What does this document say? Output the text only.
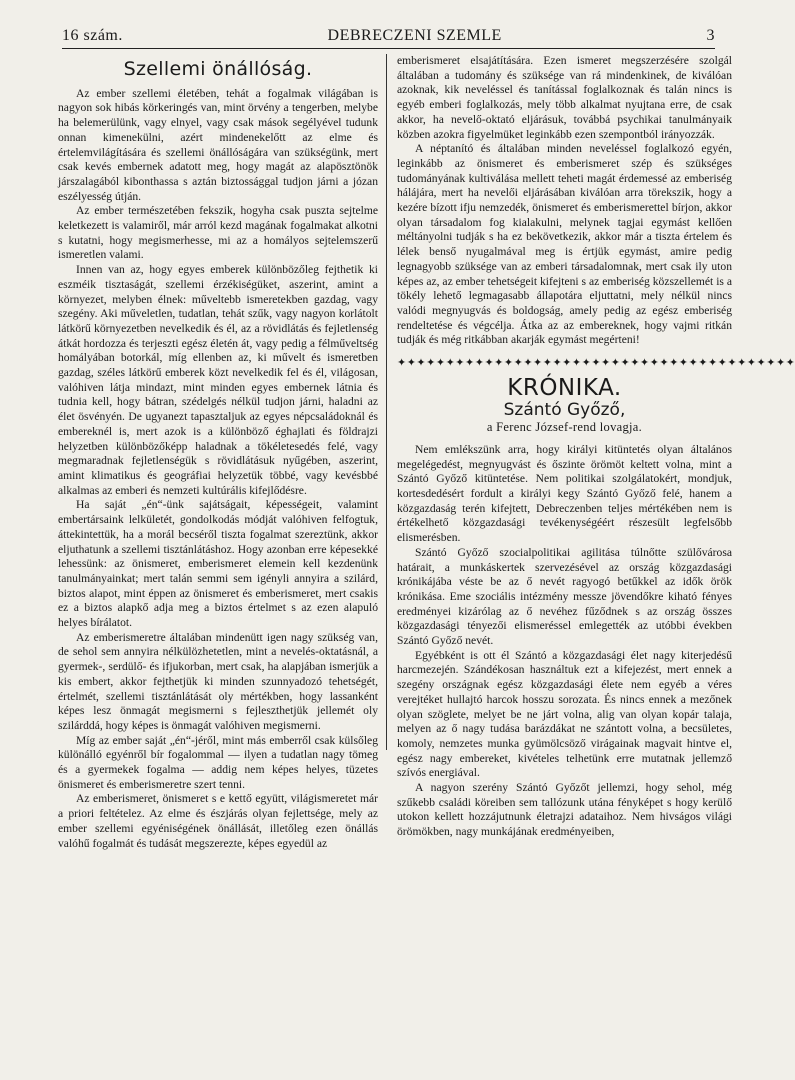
16 szám.	DEBRECZENI SZEMLE	3
Szellemi önállóság.

Az ember szellemi életében, tehát a fogalmak világában is nagyon sok hibás körkeringés van, mint örvény a tengerben, melybe ha belemerülünk, vagy elnyel, vagy csak mások segélyével tudunk onnan kimenekülni, azért mindenekelőtt az elme és értelemvilágítására és szellemi önállóságára van szükségünk, mert csak kevés embernek adatott meg, hogy magát az alapösztönök járszalagából kibonthassa s aztán biztossággal tudjon járni a józan eszélyesség útján.

Az ember természetében fekszik, hogyha csak puszta sejtelme keletkezett is valamiről, már arról kezd magának fogalmakat alkotni s kutatni, hogy megismerhesse, mi az a homályos sejtelemszerű ismeretlen valami.

Innen van az, hogy egyes emberek különbözőleg fejthetik ki eszméik tisztaságát, szellemi érzékiségüket, aszerint, amint a környezet, melyben élnek: műveltebb ismeretekben gazdag, vagy szegény. Aki műveletlen, tudatlan, tehát szűk, vagy nagyon korlátolt látkörű környezetben nevelkedik és él, az a rövidlátás és fejletlenség átkát hordozza és terjeszti egész életén át, vagy pedig a félműveltség homályában botorkál, míg ellenben az, ki művelt és ismeretben gazdag, széles látkörű emberek közt nevelkedik fel és él, világosan, valóhiven látja mindazt, mint minden egyes embernek látnia és tudnia kell, hogy bátran, szédelgés nélkül tudjon járni, haladni az élet ösvényén. De ugyanezt tapasztaljuk az egyes népcsaládoknál és embereknél is, mert azok is a különböző éghajlati és földrajzi helyzetben különbözőképp haladnak a tökéletesedés felé, vagy megmaradnak fejletlenségük s rövidlátásuk nyűgében, aszerint, amint klimatikus és geográfiai helyzetük többé, vagy kevésbbé alkalmas az emberi és nemzeti kultúrális kifejlődésre.

Ha saját „én“-ünk sajátságait, képességeit, valamint embertársaink lelkületét, gondolkodás módját valóhiven felfogtuk, áttekintettük, ha a morál becséről tiszta fogalmat szereztünk, akkor eljuthatunk a szellemi tisztánlátáshoz. Hogy azonban erre képesekké lehessünk: az önismeret, emberismeret elemein kell kezdenünk tanulmányainkat; mert talán semmi sem igényli annyira a szilárd, biztos alapot, mint éppen az önismeret és emberismeret, mert csakis ez a biztos alapkő adja meg a biztos értelmet s az ezen alapuló helyes bírálatot.

Az emberismeretre általában mindenütt igen nagy szükség van, de sehol sem annyira nélkülözhetetlen, mint a nevelés-oktatásnál, a gyermek-, serdülő- és ifjukorban, mert csak, ha alapjában ismerjük a kis embert, akkor fejthetjük ki minden szunnyadozó tehetségét, értelmét, szellemi tisztánlátását oly mértékben, hogy lassanként képes lesz önmagát megismerni s fejleszthetjük jellemét oly szilárddá, hogy képes is önmagát valóhiven megismerni.

Míg az ember saját „én“-jéről, mint más emberről csak külsőleg különálló egyénről bír fogalommal — ilyen a tudatlan nagy tömeg és a gyermekek fogalma — addig nem képes helyes, tüzetes önismeret és emberismeretre szert tenni.

Az emberismeret, önismeret s e kettő együtt, világismeretet már a priori feltételez. Az elme és észjárás olyan fejlettsége, mely az ember szellemi egyéniségének önállását, illetőleg ezen önállás valóhű fogalmát és tudását megszerezte, képes egyedül az

emberismeret elsajátítására. Ezen ismeret megszerzésére szolgál általában a tudomány és szüksége van rá mindenkinek, de kiválóan azoknak, kik neveléssel és tanítással foglalkoznak és talán nincs is egyéb emberi foglalkozás, mely több alkalmat nyujtana erre, de csak akkor, ha nevelő-oktató eljárásuk, továbbá psychikai tanulmányaik közben azokra figyelmüket leginkább ezen szempontból irányozzák.

A néptanító és általában minden neveléssel foglalkozó egyén, leginkább az önismeret és emberismeret szép és szükséges tudományának kultiválása mellett teheti magát érdemessé az emberiség hálájára, mert ha nevelői eljárásában kiválóan arra törekszik, hogy a kezére bízott ifju nemzedék, önismeret és emberismerettel bírjon, akkor olyan társadalom fog kialakulni, melynek tagjai egymást kellően méltányolni tudják s ha ez bekövetkezik, akkor már a tiszta értelem és lélek benső nyugalmával meg is értjük egymást, amire pedig legnagyobb szüksége van az emberi társadalomnak, mert csak ily uton képes az, az ember tehetségeit kifejteni s az emberiség közszellemét is a tökély lehető legmagasabb állapotára eljuttatni, mely nélkül nincs valódi megnyugvás és boldogság, amely pedig az egész emberiség rendeltetése és végcélja. Átka az az embereknek, hogy vajmi ritkán tudják és még ritkábban akarják egymást megérteni!

✦✦✦✦✦✦✦✦✦✦✦✦✦✦✦✦✦✦✦✦✦✦✦✦✦✦✦✦✦✦✦✦✦✦✦✦✦✦✦✦✦
KRÓNIKA.
Szántó Győző,
a Ferenc József-rend lovagja.

Nem emlékszünk arra, hogy királyi kitüntetés olyan általános megelégedést, megnyugvást és őszinte örömöt keltett volna, mint a Szántó Győző kitüntetése. Nem politikai szolgálatokért, mondjuk, kortesdedésért fordult a királyi kegy Szántó Győző felé, hanem a közgazdaság terén kifejtett, Debreczenben teljes mértékében nem is értékelhető közgazdasági tevékenységéért részesült legfelsőbb elismerésben.

Szántó Győző szocialpolitikai agilitása túlnőtte szülővárosa határait, a munkáskertek szervezésével az ország közgazdasági krónikájába véste be az ő nevét ragyogó betűkkel az idők örök krónikása. Eme szociális intézmény messze jövendőkre kiható fényes eredményei kizárólag az ő nevéhez fűződnek s az ország összes közgazdasági tényezői elismeréssel emlegették az utóbbi években Szántó Győző nevét.

Egyébként is ott él Szántó a közgazdasági élet nagy kiterjedésű harcmezején. Szándékosan használtuk ezt a kifejezést, mert ennek a szegény országnak egész közgazdasági élete nem egyéb a véres verejtéket hullajtó harcok hosszu sorozata. És nincs ennek a mezőnek olyan szöglete, melyet be ne járt volna, alig van olyan kopár talaja, melyen az ő nagy tudása barázdákat ne szántott volna, a becsületes, komoly, nemzetes munka gyümölcsöző virágainak magvait hintve el, egész nagy embereket, kivételes telhetünk erre mutatnak jellemző szívós energiával.

A nagyon szerény Szántó Győzőt jellemzi, hogy sehol, még szűkebb családi köreiben sem tallózunk utána fényképet s hogy kerülő utokon kellett hozzájutnunk életrajzi adataihoz. Nem hivságos világi örömökben, nagy munkájának eredményeiben,
